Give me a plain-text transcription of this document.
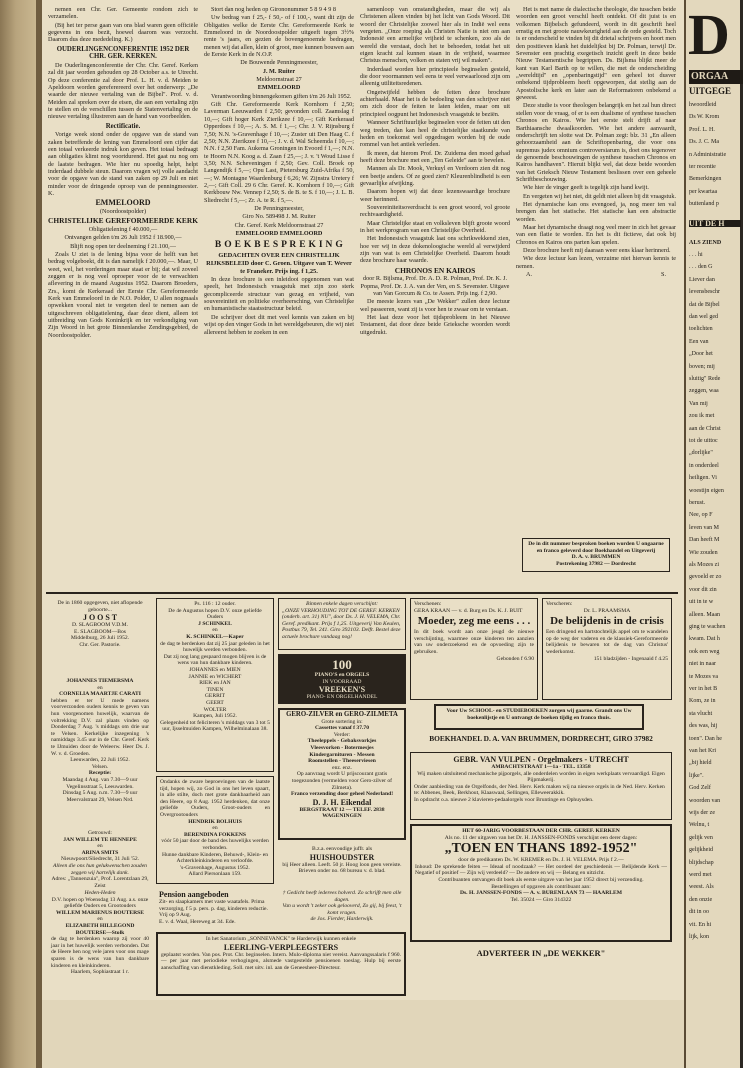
nemen een Chr. Ger. Gemeente rondom zich te verzamelen.

(Bij het ter perse gaan van ons blad waren geen officiële gegevens in ons bezit, hoewel daarom was verzocht. Daarom dus deze mededeling. K.)

OUDERLINGENCONFERENTIE 1952 DER CHR. GER. KERKEN.

De Ouderlingenconferentie der Chr. Chr. Geref. Kerken zal dit jaar worden gehouden op 28 October a.s. te Utrecht. Op deze conferentie zal door Prof. L. H. v. d. Meiden te Apeldoorn worden gereferereerd over het onderwerp: „De waarde der nieuwe vertaling van de Bijbel". Prof. v. d. Meiden zal spreken over de eisen, die aan een vertaling zijn te stellen en de verschillen tussen de Statenvertaling en de nieuwe vertaling illustreren aan de hand van voorbeelden.

Rectificatie.

Vorige week stond onder de opgave van de stand van zaken betreffende de lening van Emmeloord een cijfer dat een totaal verkeerde indruk kon geven. Het totaal bedraagt aan obligaties klimt nog voortdurend. Het gaat nu nog om de laatste bedragen. Wie hier nu spoedig helpt, helpt inderdaad dubbele steun. Daarom vragen wij volle aandacht voor de opgave van de stand van zaken op 29 Juli en niet minder voor de dringende oproep van de penningmeester. K.

EMMELOORD

(Noordoostpolder)

CHRISTELIJKE GEREFORMEERDE KERK

Obligatielening f 40.000,—

Ontvangen gelden t/m 26 Juli 1952 f 18.900,—

Blijft nog open ter deelneming f 21.100,—

Zoals U ziet is de lening bijna voor de helft van het bedrag volgeboekt, dit is dan namelijk f 20.000,—. Maar, U weet, wel, het vorderingen maar staat er bij; dat wil zoveel zeggen er is nog veel oproeper voor de te verwachten aflevering in de maand Augustus 1952. Daarom Broeders, Zrs., komt de Kerkeraad der Eerste Chr. Gereformeerde Kerk van Emmeloord in de N.O. Polder, U allen nogmaals opwekken vooral niet te vergeten deel te nemen aan de uitgeschreven obligatielening, daar deze dient, alleen tot uitbreiding van Gods Koninkrijk en ter verkondiging van Zijn Woord in het grote Binnenlandse Zendingsgebied, de Noordoostpolder.

Stort dan nog heden op Girononummer 5 8 9 4 9 8

Uw bedrag van f 25,- f 50,- of f 100,-, want dit zijn de Obligaties welke de Eerste Chr. Gereformeerde Kerk te Emmeloord in de Noordoostpolder uitgeeft tegen 3½% rente 's jaars, en gezien de bovengenoemde bedragen, menen wij dat allen, klein of groot, mee kunnen bouwen aan de Eerste Kerk in de N.O.P.

De Bouwende Penningmeester,

J. M. Ruiter

Meldoornstraat 27

EMMELOORD

Verantwoording binnengekomen giften t/m 26 Juli 1952.

Gift Chr. Gereformeerde Kerk Kornhorn f 2,50; Laverman Leeuwarden f 2,50; gevonden coll. Zaamslag f 10,—; Gift hoger Kerk Zierikzee f 10,—; Gift Kerkeraad Opperdoes f 10,—; A. S. M. f 1,—; Chr. J. V. Rijnsburg f 7,50; N.N. 's-Gravenhage f 10,—; Zuster uit Den Haag C. f 2,50; N.N. Zierikzee f 10,—; J. v. d. Wal Scheemda f 10,—; N.N. f 2,50 Fam. Aukema Groningen in Evoord f 1,—; N.N. te Hoorn N.N. Koog a. d. Zaan f 25,—; J. v. 't Woud Lisse f 3,50; N.N. Scheveningen f 2,50; Gev. Coll. Broek op Langendijk f 5,—; Opu Last, Pietersburg Zuid-Afrika f 50,—; W. Montagne Waardenburg f 6,26; W. Zijnstra Uretery f 2,—; Gift Coll. 29 6 Chr. Geref. K. Kornhorn f 10,—; Gift Kerkbouw Nw. Vennep f 2,50; S. de B. te S. f 10,—; J. L. B. Sliedrecht f 5,—; Zr. A. te R. f 5,—.

De Penningmeester,

Giro No. 589498 J. M. Ruiter

Chr. Geref. Kerk Meldoornstraat 27

EMMELOORD EMMELOORD

B O E K B E S P R E K I N G

GEDACHTEN OVER EEN CHRISTELIJK RIJKSBELEID door C. Groen. Uitgave van T. Wever te Franeker. Prijs ing. f 1,25.

In deze brochure is een inleidooi opgenomen van wat speelt, het Indonesisch vraagstuk met zijn zoo sterk gecompliceerde structuur van gezag en vrijheid, van souvereiniteit en politieke overheersching, van Christelijke en humanistische staatsstructuur beleid.

De schrijver doet dit met veel kennis van zaken en bij wijst op den vinger Gods in het wereldgebeuren, die wij niet allereerst hebben te zoeken in een

samenloop van omstandigheden, maar die wij als Christenen alleen vinden bij het licht van Gods Woord. Dit woord der Christelijke zoowel hier als in Indië wel eens vergeten. „Onze roeping als Christen Natie is niet om aan Indonesië een armelijke vrijheid te schenken, zoo als de wereld die verstaat, doch het te behoeden, totdat het uit eigen kracht zal kunnen staan in de vrijheid, waarmee Christus menschen, volken en staten vrij wil maken".

Inderdaad worden hier principieele beginselen gesteld, die door voormannen wel eens te veel verwaarloosd zijn om alleenig utiliteitsredenen.

Ongetwijfeld hebben de feiten deze brochure achterhaald. Maar het is de bedoeling van den schrijver niet om zich door de feiten te laten leiden, maar om uit principieel oogpunt het Indonesisch vraagstuk te beziën.

Wanneer Schriftuurlijke beginselen voor de feiten uit den weg treden, dan kan heel de christelijke staatkunde van heden en toekomst wel opgedragen worden bij de oude rommel van het antiek verleden.

Ik meen, dat hierom Prof. Dr. Zuidema den moed gehad heeft deze brochure met een „Ten Geleide" aan te bevelen.

Mannen als Dr. Mook, Verkuyl en Verdoorn zien dit nog een beetje anders. Of ze goed zien? Kleurenblindheid is een gevaarlijke afwijking.

Daarom hopen wij dat deze lezenswaardige brochure weer herinnerd.

Souvereiniteitsoverdracht is een groot woord, vol groote rechtvaardigheid.

Maar Christelijke staat en volksleven blijft groote woord in het werkprogram van een Christelijke Overheid.

Het Indonesisch vraagstuk laat ons schrikwekkend zien, hoe ver wij in deze dokenoloogische wereld al verwijderd zijn van wat is een Christelijke Overheid. Daarom houdt deze brochure haar waarde.

CHRONOS EN KAIROS

door R. Bijlsma, Prof. Dr. A. D. R. Polman, Prof. Dr. K. J. Popma, Prof. Dr. J. A. van der Ven, en S. Sevenster. Uitgave van Van Gorcum & Co. te Assen. Prijs ing. f 2,90.

De meeste lezers van „De Wekker" zullen deze lectuur wel passeeren, want zij is voor hen te zwaar om te verstaan.

Het laat deze voor het tijdsprobleem in het Nieuwe Testament, dat door deze beide Grieksche woorden wordt uitgedrukt.

Het is met name de dialectische theologie, die tusschen beide woorden een groot verschil heeft ontdekt. Of dit juist is en volkomen Bijbelsch gefundeerd, wordt in dit geschrift heel ernstig en met groote nauwkeurigheid aan de orde gesteld. Toch is er onderscheid te vinden bij dit drietal schrijvers en hoort men den positieven klank het duidelijkst bij Dr. Polman, terwijl Dr. Sevenster een prachtig exegetisch inzicht geeft in deze beide Nieuw Testamentische begrippen. Ds. Bijlsma blijkt meer de kant van Karl Barth op te willen, die met de onderscheiding „wereldtijd" en „openbaringstijd" een geheel tot dusver onbekend tijdprobleem heeft opgeworpen, dat steilig aan de Apostolische kerk en later aan de Reformatoren onbekend a geweest.

Deze studie is voor theologen belangrijk en het zal hun direct stellen voor de vraag, of er is een dualisme of synthese tusschen Chronos en Kairos. Wie het eerste stelt drijft af naar Barthiaansche dwaalkoorden. Wie het andere aanvaardt, onderschrijft ten slotte wat Dr. Polman zegt: blz. 31 „En alleen gehoorzaamheid aan de Schriftopenbaring, die voor ons supremus judex omnium controversiarum is, doet ons tegenover de genoemde beschouwingen de synthese tusschen Chronos en Kairos handhaven". Hieruit blijkt wel, dat deze beide woorden van het Grieksch Nieuw Testament beslissen over een geheele Schriftbeschouwing.

Wie hier de vinger geeft is tegelijk zijn hand kwijt.

En vergeten wij het niet, dit geldt niet alleen bij dit vraagstuk.

Het dynamische kan ons evengoed, ja, nog meer ten val brengen dan het statische. Het statische kan een abstractie worden.

Maar het dynamische draagt nog veel meer in zich het gevaar van een flatie te worden. En het is dit fictieve, dat ook bij Chronos en Kairos ons parten kan spelen.

Deze brochure heeft mij daaraan weer eens klaar herinnerd.

Wie deze lectuur kan lezen, verzuime niet hiervan kennis te nemen.

A.	S.
De in dit nummer besproken boeken worden U ongaarne en franco geleverd door Boekhandel en Uitgeverij
D. A. v. BRUMMEN
Postrekening 37982 — Dordrecht
De in 1860 opgegeven, niet aflopende geboorte...
J O O S T
D. SLAGBOOM V.D.M.
E. SLAGBOOM—Bos
Middelburg, 26 Juli 1952.
Chr. Ger. Pastorie.
JOHANNES TIEMERSMA
en
CORNELIA MAARTJE CARATI
hebben er ter U mede namens voorverzonden ouders kennis te geven van hun voorgenomen huwelijk, waarvan de voltrekking D.V. zal plaats vinden op Donderdag 7 Aug. 's middags om drie uur te Velsen. Kerkelijke inzegening 's namiddags 3.45 uur in de Chr. Geref. Kerk te IJmuiden door de Weleerw. Heer Ds. J. W. v. d. Groeden.
Leeuwarden, 22 Juli 1952.
Velsen.
Receptie:
Maandag 4 Aug. van 7.30—9 uur Vegelinsstraat 5, Leeuwarden.
Dinsdag 5 Aug. n.m. 7.30—9 uur Meervalstraat 29, Velsen Nrd.
Getrouwd:
JAN WILLEM TE HENNEPE
en
ARINA SMITS
Nieuwpoort/Sliedrecht, 31 Juli '52.
Alleen die ons hun gelukwenschen zouden zeggen wij hartelijk dank.
Adres: „Tannenzuia", Prof. Lorentzlaan 29, Zeist
Heden-Heden
D.V. hopen op Woensdag 13 Aug. a.s. onze geliefde Ouders en Grootouders
WILLEM MARIENUS BOUTERSE
en
ELIZABETH HILLEGOND BOUTERSE—Stolk
de dag te herdenken waarop zij voor 40 jaar in het huwelijk werden verbonden. Dat de Heere hen nog vele jaren voor ons mage sparen is de wens van hun dankbare kinderen en kleinkinderen.
Haarlem, Sophiastraat 1 r.
Ps. 116 : 12 ouder.
De 4e Augustus hopen D.V. onze geliefde Ouders
J SCHINKEL
en
K. SCHINKEL—Kaper
de dag te herdenken dat zij 25 jaar geleden in het huwelijk werden verbonden.
Dat zij nog lang gespaard mogen blijven is de wens van hun dankbare kinderen.
JOHANNES en MIEN
JANNIE en WICHERT
RIEK en JAN
TINEN
GERRIT
GEERT
WOLTER
Kampen, Juli 1952.
Gelegenheid tot feliciteren 's middags van 3 tot 5 uur, Ijsselmuiden Kampen, Wilhelminalaan 38.
Ondanks de zware beproevingen van de laatste tijd, hopen wij, zo God in ons het leven spaart, in alle stilte, doch met grote dankbaarheid aan den Heere, op 8 Aug. 1952 herdenken, dat onze geliefde Ouders, Groot-ouders en Overgrootouders
HENDRIK BOLHUIS
en
BERENDINA FOKKENS
vóór 50 jaar door de band des huwelijks werden verbonden.
Hunne dankbare Kinderen, Behuwd-, Klein- en Achterkleinkinderen en verloofde.
's-Gravenhage, Augustus 1952.
Allard Piersonlaan 159.
Pension aangeboden
Zit- en slaapkamers met vaste waatafels. Prima verzorging, f 5 p. pers. p. dag, kinderen reductie. Vrij op 9 Aug.
E. v. d. Waal, Hereweg at 34. Ede.
Binnen enkele dagen verschijnt:
„ONZE VERHOUDING TOT DE GEREF. KERKEN (onderh. art. 31) NU", door Ds. J. H. VELEMA, Chr. Geref. predikant. Prijs f 1,25. Uitgeverij Van Keulen, Postbus 79, Tel. 241. Giro 392103. Delft. Bestel deze actuele brochure vandaag nog!
100
PIANO'S en ORGELS
IN VOORRAAD
VREEKEN'S
PIANO- EN ORGELHANDEL
GERO-ZILVER en GERO-ZILMETA
Grote sortering in:
Cassettes vanaf f 37.70
Verder:
Theeleppels - Gebaksvorkjes
Vleesvorken - Botermesjes
Kindergarnituren - Messen
Roomstellen - Theeserviesen
enz. enz.
Op aanvraag wordt U prijscourant gratis toegezonden (vermelden voor Gero-zilver of Zilmeta).
Franco verzending door geheel Nederland!
D. J. H. Eikendal
BERGSTRAAT 12 — TELEF. 2838
WAGENINGEN
B.z.a. eenvoudige juffr. als
HUISHOUDSTER
bij Heer alleen. Leeft. 50 jr. Hoog loon geen vereiste.
Brieven onder no. 68 bureau v. d. blad.
† Gedicht heeft iederees holverd. Zo schrijft men alle dagen.
Van u wordt 't zeker ook gelooverd, Zo gij, bij feest, 't komt vragen.
de Jos. Fierder, Harderwijk.
Verschenen:
GERA KRAAN — v. d. Burg en Ds. K. J. BUIT
Moeder, zeg me eens . . .
In dit boek wordt aan onze jeugd de nieuwe verschijnting, waarmee onze kinderen ten aanzien van uw onderzoekend en de opvoeding zijn te gebruiken.
Gebonden f 6.90
Verscheren:
Dr. L. PRAAMSMA
De belijdenis in de crisis
Een dringend en hartstochtelijk appel om te wandelen op de weg der vaderen en de klassiek-Gereformeerde belijdenis te bewaren tot de dag van Christus' wederkomst.
151 bladzijden - Ingenaaid f 4.25
Voor Uw SCHOOL- en STUDIEBOEKEN zorgen wij gaarne. Grandt ons Uw boekenlijstje en U ontvangt de boeken tijdig en franco thuis.
BOEKHANDEL D. A. VAN BRUMMEN, DORDRECHT, GIRO 37982
GEBR. VAN VULPEN - Orgelmakers - UTRECHT
AMBACHTSTRAAT 1—1a - TEL. 13358
Wij maken uitsluitend mechanische pijporgels, alle onderdelen worden in eigen werkplaats vervaardigd. Eigen Pijpmakerij.
Onder aanbieding van de Orgelfonds, der Ned. Herv. Kerk maken wij na nieuwe orgels in de Ned. Herv. Kerken te: Abbenes, Beek, Berkhout, Klaaswaal, Sellingen, Elleweerakkik.
In opdracht o.a. nieuwe 2 klavieren-pedaalorgels voor Bruntinge en Ophuysden.
HET 60-JARIG VOORBESTAAN DER CHR. GEREF. KERKEN
Als no. 11 der uitgaven van het Dr. H. JANSSEN-FONDS verschijnt een derer dagen:
„TOEN EN THANS 1892-1952"
door de predikanten Ds. W. KREMER en Ds. J. H. VELEMA. Prijs f 2.—
Inhoud: De sprekende feiten — Ideaal of noodzaak? — Het oordeel der geschiedenis — Belijdende Kerk — Negatief of positief — Zijn wij verdeeld? — De andere en wij — Belang en uitzicht.
Contribuanten ontvangen dit boek als eerste uitgave van het jaar 1952 direct bij verzending.
Bestellingen of opgaven als contribuant aan:
Ds. H. JANSSEN-FONDS — A. v. BURENLAAN 73 — HAARLEM
Tel. 35024 — Giro 314322
In het Sanatorium „SONNEVANCK" te Harderwijk kunnen enkele
LEERLING-VERPLEEGSTERS
geplaatst worden. Van pos. Prot. Chr. beginselen. Intern. Mulo-diploma niet vereist. Aanvangssalaris f 960.— per jaar met periodieke verhogingen, alsmede vastgestelde pensioenen toeslag. Hulp bij eerste aanschaffing van dienstkleding. Soll. met uitv. inl. aan de Geneesheer-Directeur.
ADVERTEER IN „DE WEKKER"
D
ORGAA
UITGEGE
hwoordleid
Ds W. Krom
Prof. L. H.
Ds. J. C. Ma
n Administratie
ter recentie
Bemerkingen
per kwartaa
buitenland p
UIT DE H
ALS ZIEND
. . . hi
. . . den G
Liever dan
levensbeschr
dat de Bijbel
dan wel ged
toelichten
Een van
„Door het
boven; mij
sluitig" Rede
zeggen, waa
Van mij
zou ik met
aan de Christ
tot de uittoc
„dorlijke"
in onderdeel
heiligen. Vi
woestijn eigen
berust.
Nee, op F
leven van M
Dan heeft M
Wie zouden
als Mozes zi
gevoeld er zo
voor dit zin
uit in te w
alleen. Maan
ging te wachen
kwam. Dat h
ook een weg
niet in naar
te Mozes va
ver in het B
Kom, ze in
sta vlucht
des was, hij
toen". Dan he
van het Kri
„bij hield
lijke".
God Zelf
woorden van
wijs der ze
Welnu, t
gelijk ven
gelijkheid
blijdschap
werd met
weest. Als
den onzie
dit in oo
vit. En hi
lijk, kon
